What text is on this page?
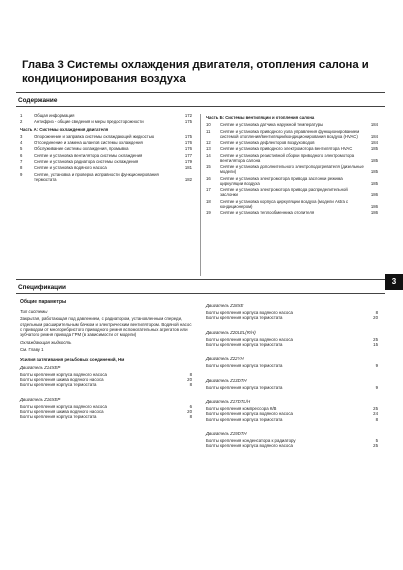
Глава 3 Системы охлаждения двигателя, отопления салона и кондиционирования воздуха
Содержание
1	Общая информация	172
2	Антифриз - общие сведения и меры предосторожности	175
Часть А: Системы охлаждения двигателя
3	Опорожнение и заправка системы охлаждающей жидкостью	175
4	Отсоединение и замена шлангов системы охлаждения	176
5	Обслуживание системы охлаждения, промывка	176
6	Снятие и установка вентилятора системы охлаждения	177
7	Снятие и установка радиатора системы охлаждения	179
8	Снятие и установка водяного насоса	181
9	Снятие, установка и проверка исправности функционирования термостата	182
Часть Б: Системы вентиляции и отопления салона
10	Снятие и установка датчика наружной температуры	184
11	Снятие и установка приводного узла управления функционированием системой отопления/вентиляции/кондиционирования воздуха (HVAC)	184
12	Снятие и установка дефлекторов воздуховодов	184
13	Снятие и установка приводного электромотора вентилятора HVAC	185
14	Снятие и установка резистивной сборки приводного электромотора вентилятора салона	185
15	Снятие и установка дополнительного электроподогревателя (дизельные модели)	185
16	Снятие и установка электромотора привода заслонки режима циркуляции воздуха	185
17	Снятие и установка электромотора привода распределительной заслонки	186
18	Снятие и установка корпуса циркуляции воздуха (модели Astra с кондиционером)	186
19	Снятие и установка теплообменника отопителя	186
3
Спецификации
Общие параметры
Тип системы
Закрытая, работающая под давлением, с радиатором, установленным спереди, отдельным расширительным бачком и электрическим вентилятором. Водяной насос с приводом от многоребристого приводного ремня вспомогательных агрегатов или зубчатого ремня привода ГРМ (в зависимости от модели)
Охлаждающая жидкость
См. Главу 1
Усилия затягивания резьбовых соединений, Нм
Двигатель Z14XEP
Болты крепления корпуса водяного насоса	8
Болты крепления шкива водяного насоса	20
Болты крепления корпуса термостата	8
Двигатель Z16XEP
Болты крепления корпуса водяного насоса	6
Болты крепления шкива водяного насоса	20
Болты крепления корпуса термостата	8
Двигатель Z18XE
Болты крепления корпуса водяного насоса	8
Болты крепления корпуса термостата	20
Двигатель Z20LEL(R/H)
Болты крепления корпуса водяного насоса	25
Болты крепления корпуса термостата	15
Двигатель Z22YH
Болты крепления корпуса термостата	9
Двигатель Z13DTH
Болты крепления корпуса термостата	9
Двигатель Z17DTL/H
Болты крепления компрессора К/В	25
Болты крепления корпуса водяного насоса	24
Болты крепления корпуса термостата	8
Двигатель Z19DTH
Болты крепления конденсатора к радиатору	5
Болты крепления корпуса водяного насоса	25
